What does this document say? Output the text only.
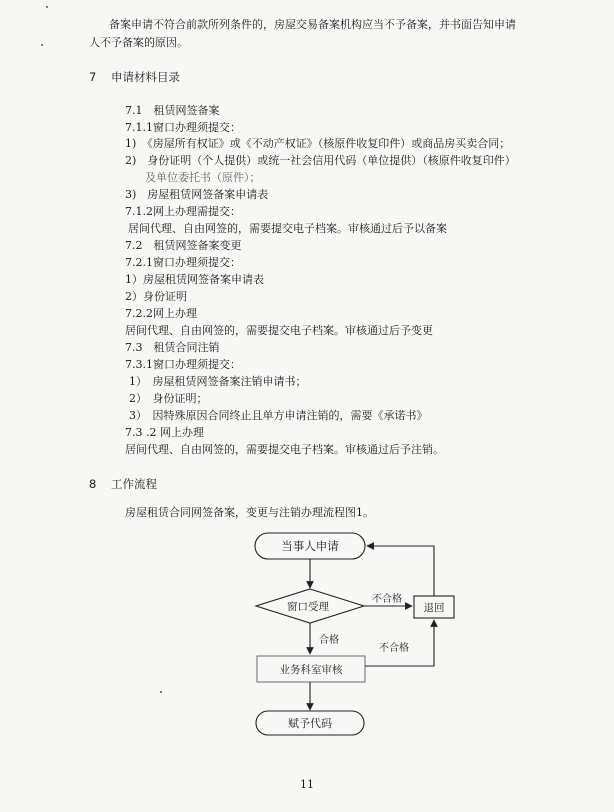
备案申请不符合前款所列条件的，房屋交易备案机构应当不予备案，并书面告知申请
人不予备案的原因。
7 申请材料目录
7.1　租赁网签备案
7.1.1窗口办理须提交：
1)　《房屋所有权证》或《不动产权证》（核原件收复印件）或商品房买卖合同；
2)　身份证明（个人提供）或统一社会信用代码（单位提供）（核原件收复印件）
及单位委托书（原件）；
3)　房屋租赁网签备案申请表
7.1.2网上办理需提交：
居间代理、自由网签的，需要提交电子档案。审核通过后予以备案
7.2　租赁网签备案变更
7.2.1窗口办理须提交：
1）房屋租赁网签备案申请表
2）身份证明
7.2.2网上办理
居间代理、自由网签的，需要提交电子档案。审核通过后予变更
7.3　租赁合同注销
7.3.1窗口办理须提交：
1）　房屋租赁网签备案注销申请书；
2）　身份证明；
3）　因特殊原因合同终止且单方申请注销的，需要《承诺书》
7.3 .2 网上办理
居间代理、自由网签的，需要提交电子档案。审核通过后予注销。
8 工作流程
房屋租赁合同网签备案，变更与注销办理流程图1。
当事人申请
窗口受理
不合格
退回
合格
业务科室审核
不合格
赋予代码
11
